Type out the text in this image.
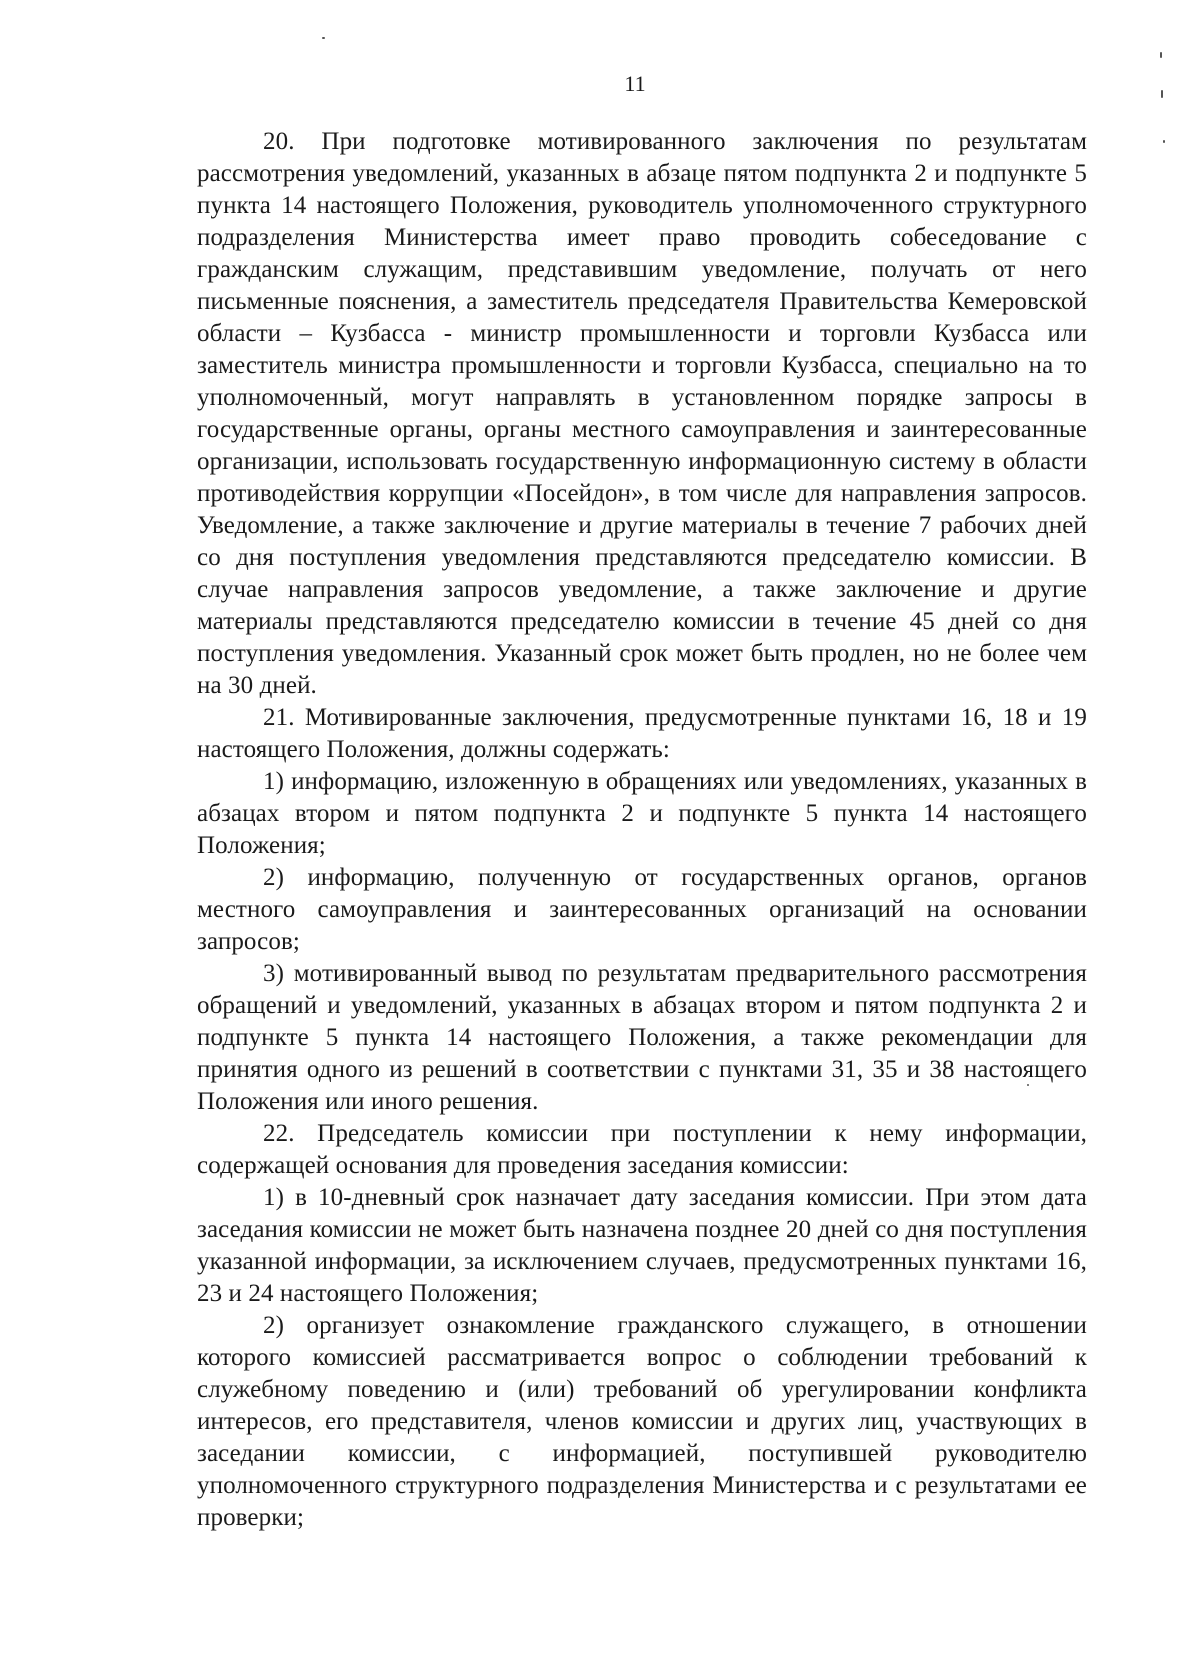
11

20. При подготовке мотивированного заключения по результатам рассмотрения уведомлений, указанных в абзаце пятом подпункта 2 и подпункте 5 пункта 14 настоящего Положения, руководитель уполномоченного структурного подразделения Министерства имеет право проводить собеседование с гражданским служащим, представившим уведомление, получать от него письменные пояснения, а заместитель председателя Правительства Кемеровской области – Кузбасса - министр промышленности и торговли Кузбасса или заместитель министра промышленности и торговли Кузбасса, специально на то уполномоченный, могут направлять в установленном порядке запросы в государственные органы, органы местного самоуправления и заинтересованные организации, использовать государственную информационную систему в области противодействия коррупции «Посейдон», в том числе для направления запросов. Уведомление, а также заключение и другие материалы в течение 7 рабочих дней со дня поступления уведомления представляются председателю комиссии. В случае направления запросов уведомление, а также заключение и другие материалы представляются председателю комиссии в течение 45 дней со дня поступления уведомления. Указанный срок может быть продлен, но не более чем на 30 дней.

21. Мотивированные заключения, предусмотренные пунктами 16, 18 и 19 настоящего Положения, должны содержать:

1) информацию, изложенную в обращениях или уведомлениях, указанных в абзацах втором и пятом подпункта 2 и подпункте 5 пункта 14 настоящего Положения;

2) информацию, полученную от государственных органов, органов местного самоуправления и заинтересованных организаций на основании запросов;

3) мотивированный вывод по результатам предварительного рассмотрения обращений и уведомлений, указанных в абзацах втором и пятом подпункта 2 и подпункте 5 пункта 14 настоящего Положения, а также рекомендации для принятия одного из решений в соответствии с пунктами 31, 35 и 38 настоящего Положения или иного решения.

22. Председатель комиссии при поступлении к нему информации, содержащей основания для проведения заседания комиссии:

1) в 10-дневный срок назначает дату заседания комиссии. При этом дата заседания комиссии не может быть назначена позднее 20 дней со дня поступления указанной информации, за исключением случаев, предусмотренных пунктами 16, 23 и 24 настоящего Положения;

2) организует ознакомление гражданского служащего, в отношении которого комиссией рассматривается вопрос о соблюдении требований к служебному поведению и (или) требований об урегулировании конфликта интересов, его представителя, членов комиссии и других лиц, участвующих в заседании комиссии, с информацией, поступившей руководителю уполномоченного структурного подразделения Министерства и с результатами ее проверки;
